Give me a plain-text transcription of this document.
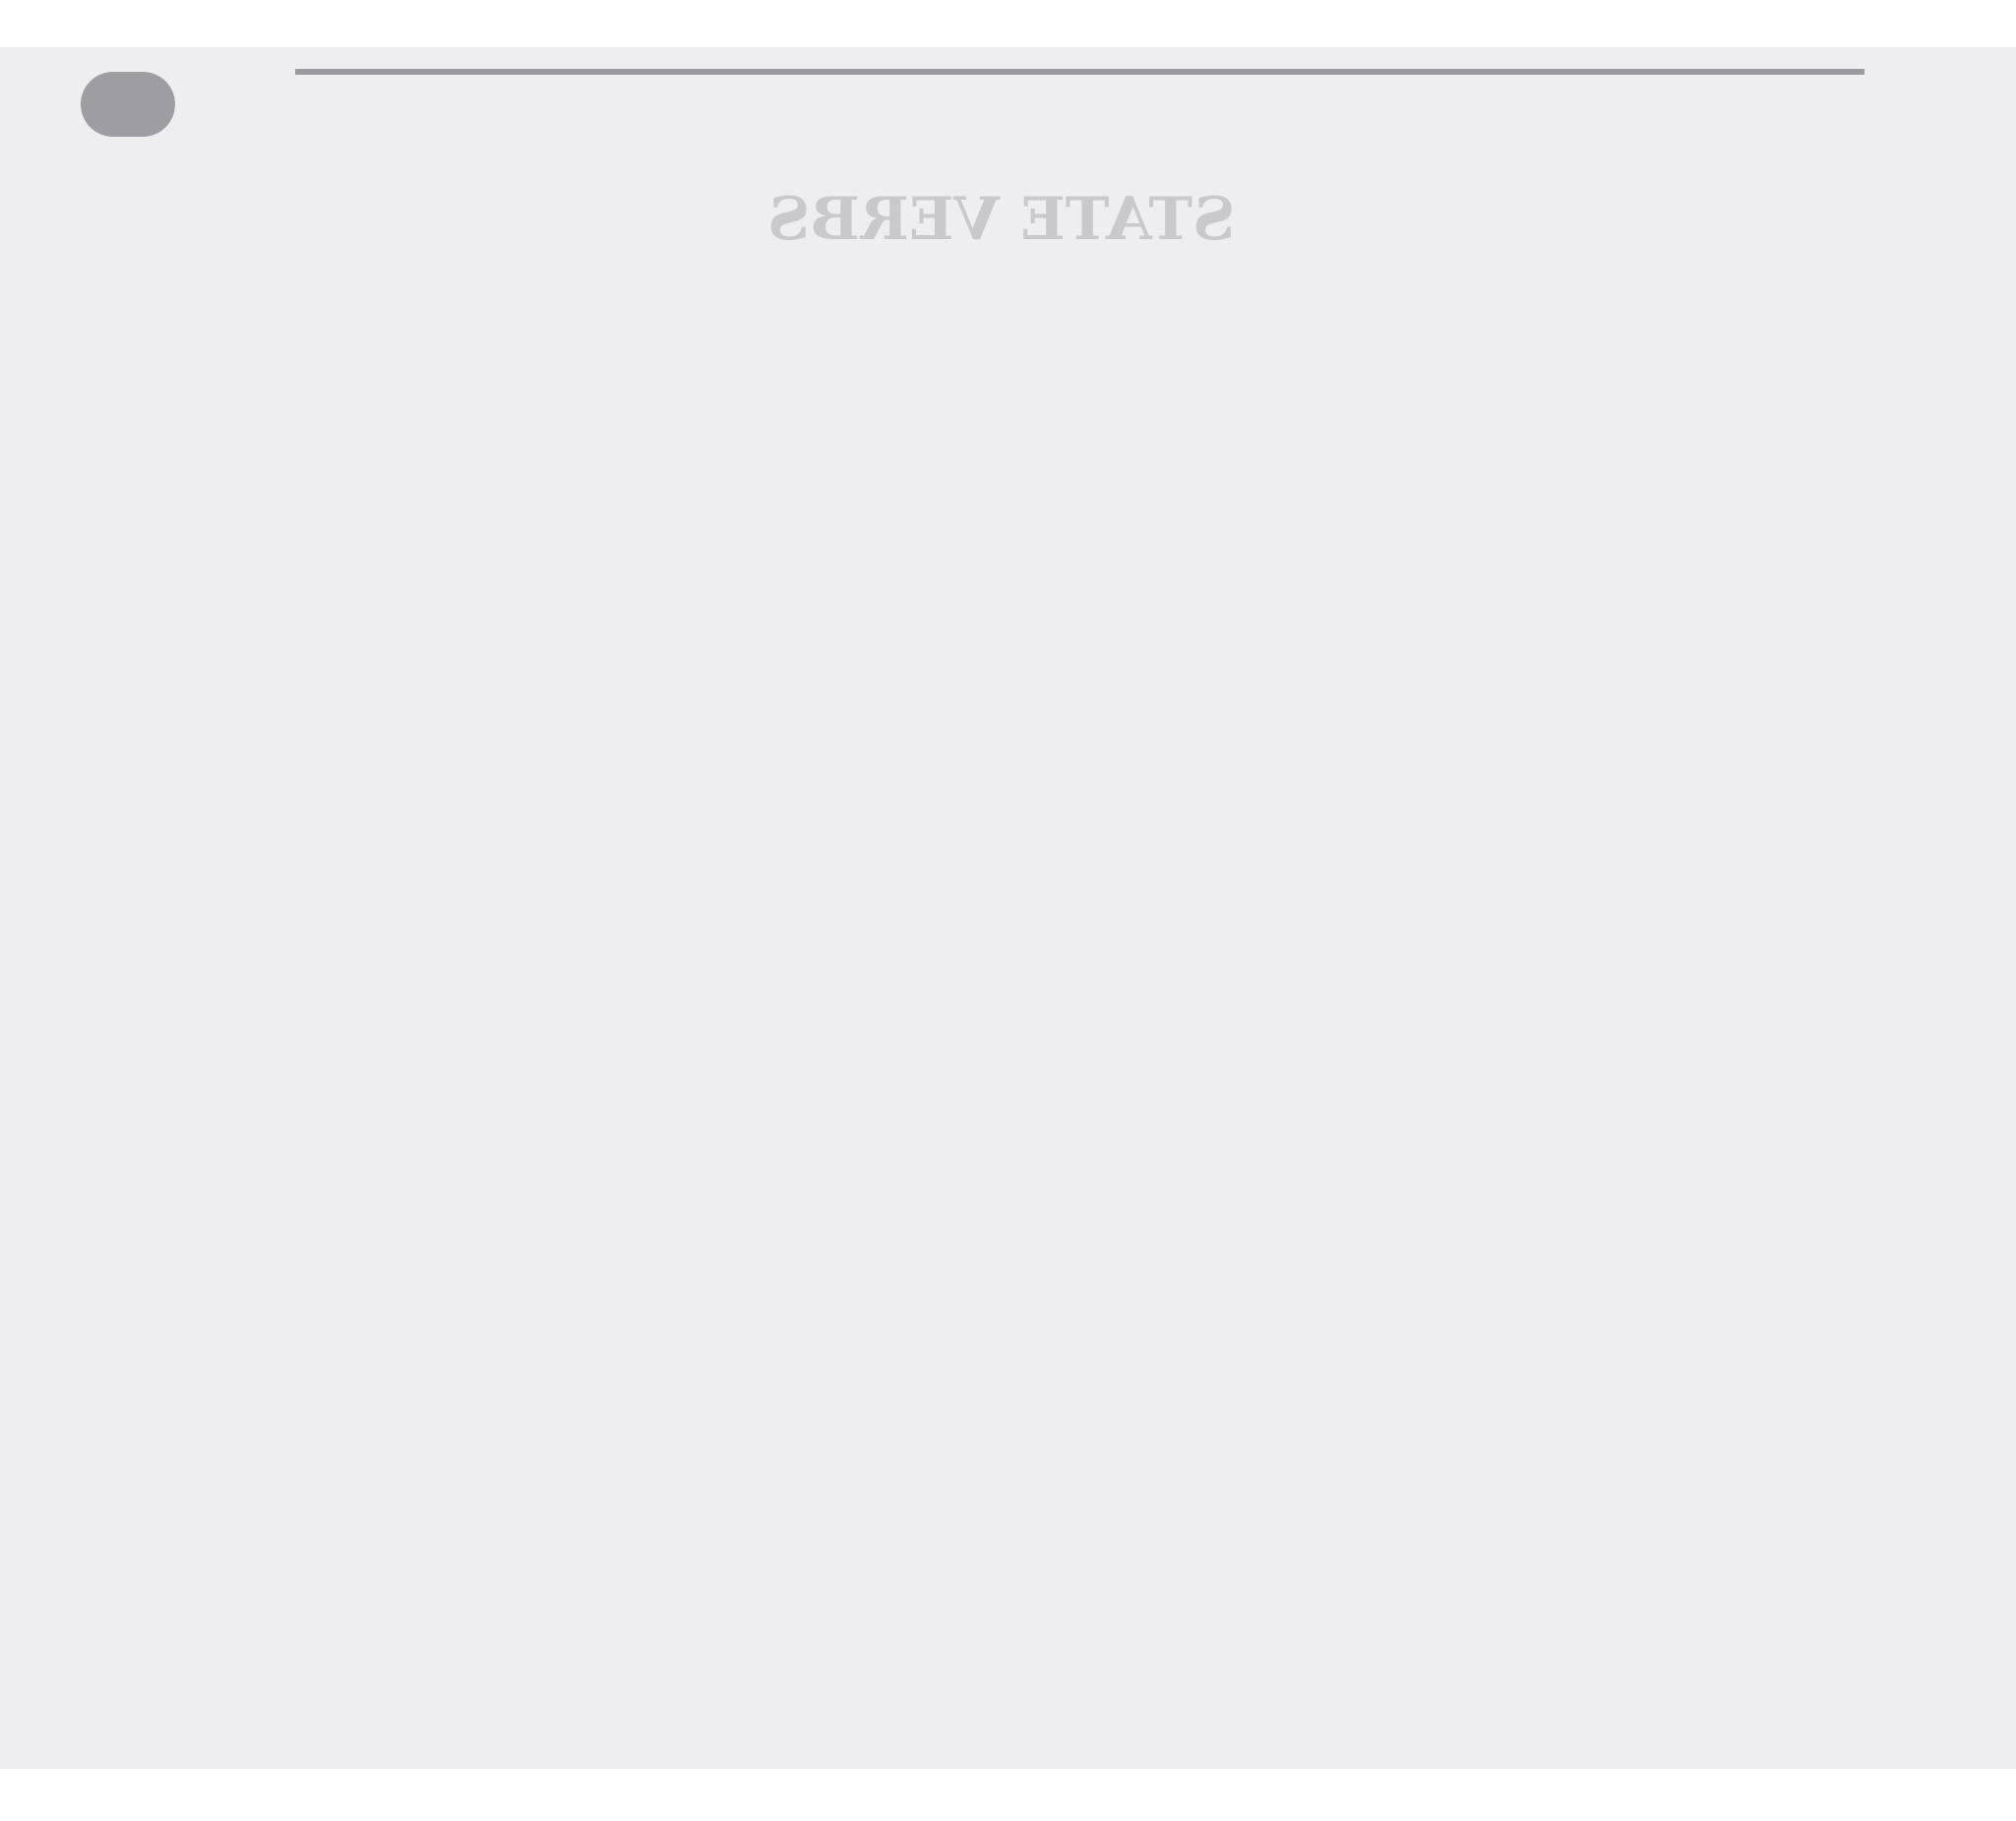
STATE VERBS
